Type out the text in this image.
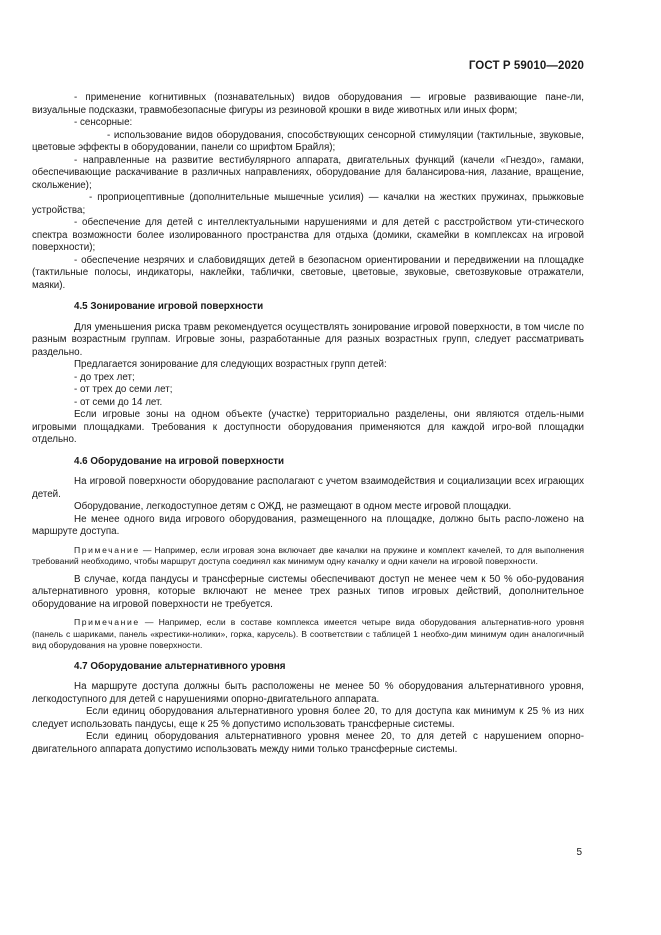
ГОСТ Р 59010—2020

- применение когнитивных (познавательных) видов оборудования — игровые развивающие пане-ли, визуальные подсказки, травмобезопасные фигуры из резиновой крошки в виде животных или иных форм;

- сенсорные:

- использование видов оборудования, способствующих сенсорной стимуляции (тактильные, звуковые, цветовые эффекты в оборудовании, панели со шрифтом Брайля);

- направленные на развитие вестибулярного аппарата, двигательных функций (качели «Гнездо», гамаки, обеспечивающие раскачивание в различных направлениях, оборудование для балансирова-ния, лазание, вращение, скольжение);

- проприоцептивные (дополнительные мышечные усилия) — качалки на жестких пружинах, прыжковые устройства;

- обеспечение для детей с интеллектуальными нарушениями и для детей с расстройством ути-стического спектра возможности более изолированного пространства для отдыха (домики, скамейки в комплексах на игровой поверхности);

- обеспечение незрячих и слабовидящих детей в безопасном ориентировании и передвижении на площадке (тактильные полосы, индикаторы, наклейки, таблички, световые, цветовые, звуковые, светозвуковые отражатели, маяки).

4.5 Зонирование игровой поверхности

Для уменьшения риска травм рекомендуется осуществлять зонирование игровой поверхности, в том числе по разным возрастным группам. Игровые зоны, разработанные для разных возрастных групп, следует рассматривать раздельно.

Предлагается зонирование для следующих возрастных групп детей:

- до трех лет;

- от трех до семи лет;

- от семи до 14 лет.

Если игровые зоны на одном объекте (участке) территориально разделены, они являются отдель-ными игровыми площадками. Требования к доступности оборудования применяются для каждой игро-вой площадки отдельно.

4.6 Оборудование на игровой поверхности

На игровой поверхности оборудование располагают с учетом взаимодействия и социализации всех играющих детей.

Оборудование, легкодоступное детям с ОЖД, не размещают в одном месте игровой площадки.

Не менее одного вида игрового оборудования, размещенного на площадке, должно быть распо-ложено на маршруте доступа.

Примечание — Например, если игровая зона включает две качалки на пружине и комплект качелей, то для выполнения требований необходимо, чтобы маршрут доступа соединял как минимум одну качалку и одни качели на игровой поверхности.

В случае, когда пандусы и трансферные системы обеспечивают доступ не менее чем к 50 % обо-рудования альтернативного уровня, которые включают не менее трех разных типов игровых действий, дополнительное оборудование на игровой поверхности не требуется.

Примечание — Например, если в составе комплекса имеется четыре вида оборудования альтернатив-ного уровня (панель с шариками, панель «крестики-нолики», горка, карусель). В соответствии с таблицей 1 необхо-дим минимум один аналогичный вид оборудования на уровне поверхности.

4.7 Оборудование альтернативного уровня

На маршруте доступа должны быть расположены не менее 50 % оборудования альтернативного уровня, легкодоступного для детей с нарушениями опорно-двигательного аппарата.

Если единиц оборудования альтернативного уровня более 20, то для доступа как минимум к 25 % из них следует использовать пандусы, еще к 25 % допустимо использовать трансферные системы.

Если единиц оборудования альтернативного уровня менее 20, то для детей с нарушением опорно-двигательного аппарата допустимо использовать между ними только трансферные системы.

5
